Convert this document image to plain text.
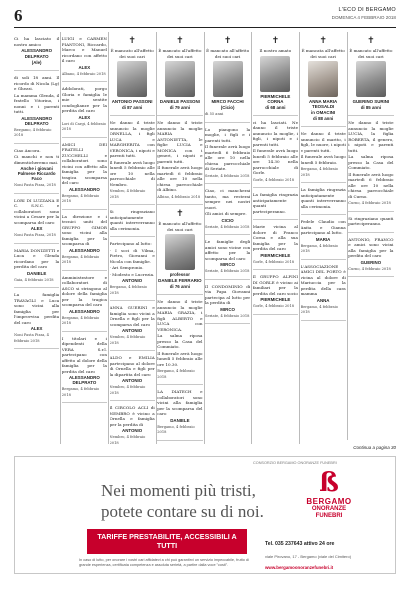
6	L'ECO DI BERGAMO
DOMENICA 4 FEBBRAIO 2018

Ci ha lasciato il nostro amico

ALESSANDRO
DELPRATO
(Ale)

di soli 18 anni. Il ricordo di Nicola (Lg) e Ghezzi.

La mamma Glenda, il fratello Vitorino, i nonni e i parenti tutti.

ALESSANDRO DELPRATO
Bergamo, 4 febbraio 2018

Ciao Ancora.

Ci manchi e non ti dimenticheremo mai.

Anche i giovani Palmese Riccardo Faco
Noni Pasta Pizza, 2018

LORI DI LUZZANA E C. S.N.C. e collaboratori sono vicini a Cesare per la scomparsa del caro

ALEX
Noni Pasta Pizza, 2018

MARIA DONIZETTI e Luca e Glenda ricordano per la perdita del caro

DANIELE
Gaia, 4 febbraio 2018

La famiglia TRAVAGLI e Luca sono vicini alla famiglia per l'improvvisa perdita del caro

ALEX
Noni Pasta Pizza, 4 febbraio 2018

LUIGI e CARMEN PIANTONI, Riccardo, Marco e Manuel ricordano con affetto il caro

ALEX
Albano, 4 febbraio 2018

Addolorati, porgo Gloria e famiglia le mie sentite condoglianze per la perdita del caro

ALEX
Lori di Cargi, 4 febbraio 2018

AMICI DEI FRATELLI ZUCCHELLI e collaboratori sono vicini con affetto alla famiglia per la tragica scomparsa del caro

ALESSANDRO
Bergamo, 4 febbraio 2018

La direzione e i tecnici uniti del GRUPPO GIMOR sono vicini alla famiglia per la scomparsa di

ALESSANDRO
Bergamo, 4 febbraio 2018

Amministratore e collaboratori di ASCO si stringono al dolore della famiglia per la tragica scomparsa del caro

ALESSANDRO
Bergamo, 4 febbraio 2018

I titolari e i dipendenti della VERA S.r.l. partecipano con affetto al dolore della famiglia per la perdita del caro

ALESSANDRO DELPRATO
Bergamo, 4 febbraio 2018
✝

È mancato all'affetto dei suoi cari

ANTONIO PASSONI
di 87 anni

Ne danno il triste annuncio la moglie ORNELLA, i figli LUCA e MARGHERITA con VERONICA, i nipoti e parenti tutti.

Il funerale avrà luogo lunedì 5 febbraio alle ore 10 nella parrocchiale di Nembro.

Nembro, 4 febbraio 2018

Si ringraziano anticipatamente quanti interverranno alla cerimonia.

Partecipano al lutto:

- I soci di Vilma, Pietro, Giovanni e Nicola con famiglie.

- Ari Sempronio.

- Modesto e Lucrezia.

ANTONIO
Bergamo, 4 febbraio 2018

ANNA GUERINI e famiglia sono vicini a Ornella e figli per la scomparsa del caro

ANTONIO
Nembro, 4 febbraio 2018

ALDO e EMILIA partecipano al dolore di Ornella e figli per la dipartita del caro

ANTONIO
Nembro, 4 febbraio 2018

Il CIRCOLO ACLI di NEMBRO è vicino a Ornella e famiglia per la perdita di

ANTONIO
Nembro, 4 febbraio 2018
✝

È mancato all'affetto dei suoi cari

DANIELE PASSONI
di 79 anni

Ne danno il triste annuncio la moglie MARIA ANTONIETTA, le figlie LUCIA e MONICA con i generi, i nipoti e parenti tutti.

Il funerale avrà luogo martedì 6 febbraio alle ore 10 nella chiesa parrocchiale di Albino.

Albino, 4 febbraio 2018
✝

È mancato all'affetto dei suoi cari

professor
DANIELE FERRARIO
di 76 anni

Ne danno il triste annuncio la moglie MARIA GRAZIA, i figli ALBERTO e LUCA con VERONICA.

La salma riposa presso la Casa del Commiato.

Il funerale avrà luogo lunedì 5 febbraio alle ore 10.30.

Bergamo, 4 febbraio 2018

LA DIATECH e collaboratori sono vicini alla famiglia per la scomparsa del caro

DANIELE
Bergamo, 4 febbraio 2018

✝

È mancato all'affetto dei suoi cari

MIRCO FACCHI
(Cicio)
di 55 anni

Lo piangono la moglie, i figli e i parenti tutti.

Il funerale avrà luogo martedì 6 febbraio alle ore 10 nella chiesa parrocchiale di Seriate.

Seriate, 4 febbraio 2018

Ciao, ci mancherai tanto, ma resterai sempre nei nostri cuori.

Gli amici di sempre.

CICIO
Seriate, 4 febbraio 2018

Le famiglie degli amici sono vicine con affetto per la scomparsa del caro

MIRCO
Seriate, 4 febbraio 2018

Il CONDOMINIO di via Papa Giovanni partecipa al lutto per la perdita di

MIRCO
Seriate, 4 febbraio 2018
✝

Il nostro amato

PIERMICHELE CORNA
di 68 anni

ci ha lasciati. Ne danno il triste annuncio la moglie, i figli, i nipoti e i parenti tutti.

Il funerale avrà luogo lunedì 5 febbraio alle ore 14.30 nella parrocchiale di Gorle.

Gorle, 4 febbraio 2018

La famiglia ringrazia anticipatamente quanti parteciperanno.

Marie vicina al dolore di Franco Corna e alla sua famiglia per la perdita del caro

PIERMICHELE
Gorle, 4 febbraio 2018

Il GRUPPO ALPINI DI GORLE è vicino ai familiari per la perdita del caro socio

PIERMICHELE
Gorle, 4 febbraio 2018
✝

È mancata all'affetto dei suoi cari

ANNA MARIA TEOSALDI
in OMACINI
di 88 anni

Ne danno il triste annuncio il marito, i figli, le nuore, i nipoti e parenti tutti.

Il funerale avrà luogo lunedì 5 febbraio.

Bergamo, 4 febbraio 2018

La famiglia ringrazia anticipatamente quanti interverranno alla cerimonia.

Fedele Claudio con Anita e Gianna partecipano al lutto.

MARIA
Bergamo, 4 febbraio 2018

L'ASSOCIAZIONE AMICI DEL PORTO è vicina al dolore di Mariuccia per la perdita della cara mamma

ANNA
Bergamo, 4 febbraio 2018
✝

È mancato all'affetto dei suoi cari

GUERINO SURINI
di 85 anni

Ne danno il triste annuncio la moglie LUCIA, la figlia ROBERTA, il genero, i nipoti e parenti tutti.

La salma riposa presso la Casa del Commiato.

Il funerale avrà luogo martedì 6 febbraio alle ore 10 nella chiesa parrocchiale di Curno.

Curno, 4 febbraio 2018

Si ringraziano quanti parteciperanno.

ANTONIO, FRANCO e amici sono vicini alla famiglia per la perdita del caro

GUERINO
Curno, 4 febbraio 2018
Continua a pagina 30
Nei momenti più tristi,
potete contare su di noi.
TARIFFE PRESTABILITE, ACCESSIBILI A TUTTI
In caso di lutto, per onorare i vostri cari affidatevi a chi può garantirvi un servizio impeccabile, frutto di grande esperienza, certificata competenza e assoluta serietà, a partire dalla voce "costi".
CONSORZIO BERGAMO ONORANZE FUNEBRI
ß
BERGAMO
ONORANZE
FUNEBRI
Tel. 035 237643 attivo 24 ore
viale Pirovano, 17 - Bergamo (viale del Cimitero)
www.bergamoonoranzefunebri.it
